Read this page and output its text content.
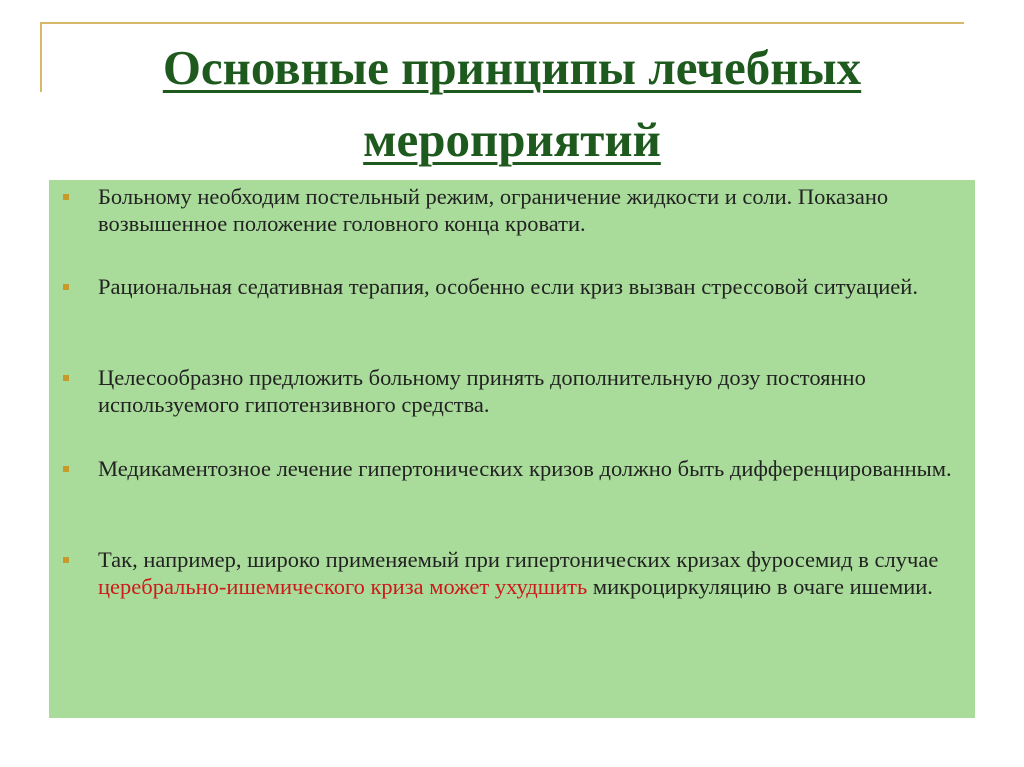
Основные принципы лечебных
мероприятий
Больному необходим постельный режим, ограничение жидкости и соли. Показано возвышенное положение головного конца кровати.
Рациональная седативная терапия, особенно если криз вызван стрессовой ситуацией.
Целесообразно предложить больному принять дополнительную дозу постоянно используемого гипотензивного средства.
Медикаментозное лечение гипертонических кризов должно быть дифференцированным.
Так, например, широко применяемый при гипертонических кризах фуросемид в случае церебрально-ишемического криза может ухудшить микроциркуляцию в очаге ишемии.
